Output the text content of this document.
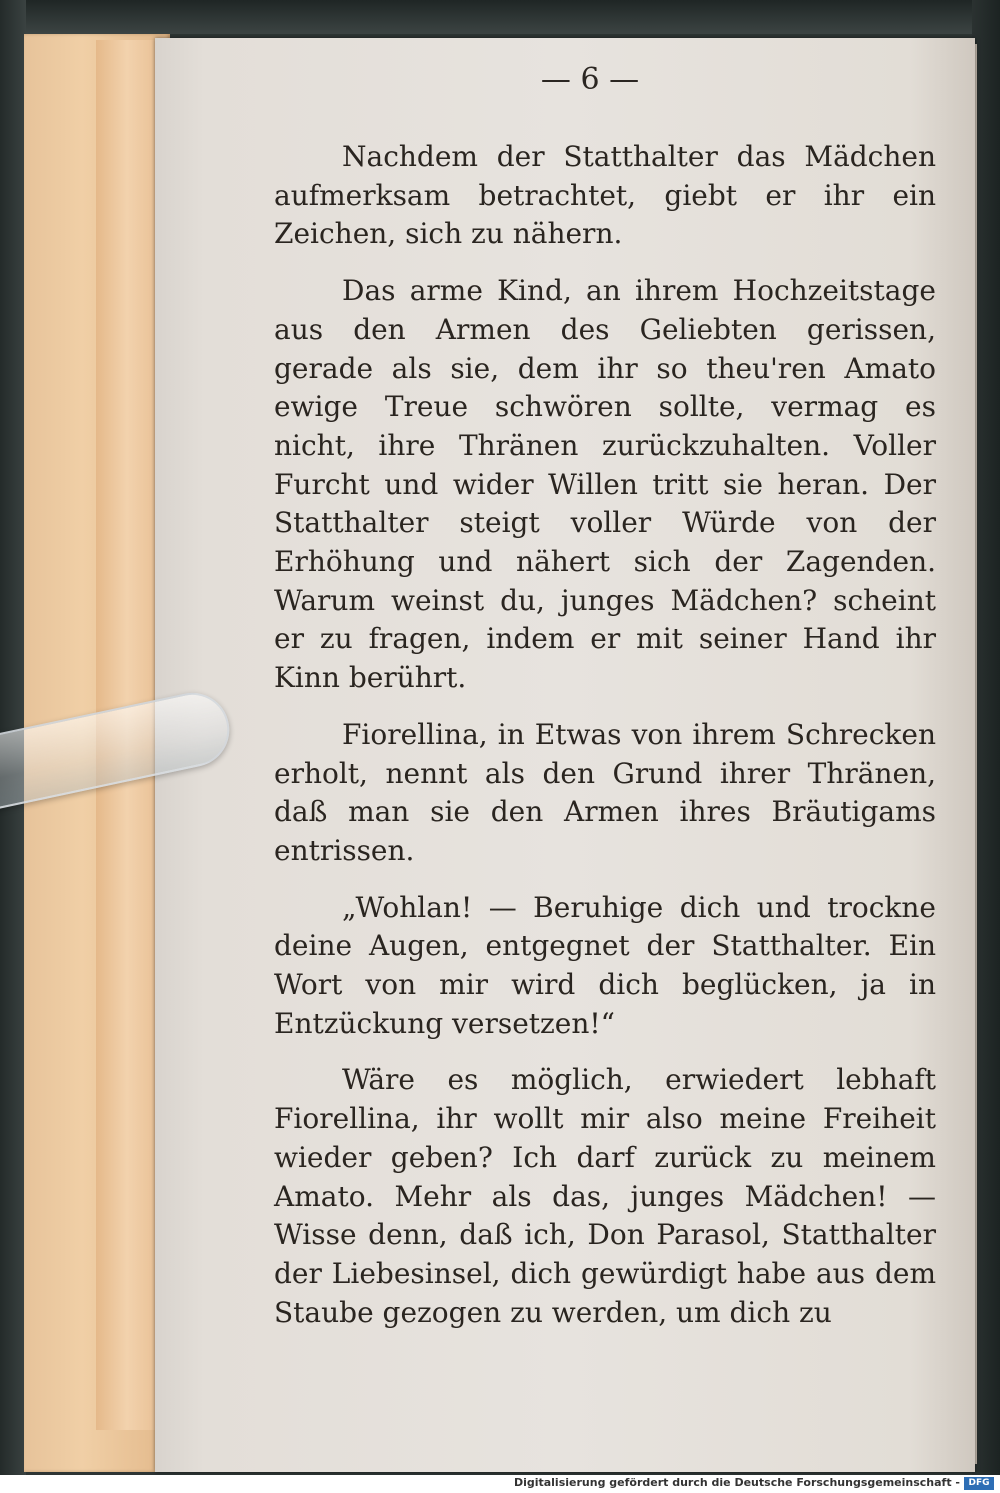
— 6 —

Nachdem der Statthalter das Mädchen aufmerksam betrachtet, giebt er ihr ein Zeichen, sich zu nähern.

Das arme Kind, an ihrem Hochzeitstage aus den Armen des Geliebten gerissen, gerade als sie, dem ihr so theu'ren Amato ewige Treue schwören sollte, vermag es nicht, ihre Thränen zurückzuhalten. Voller Furcht und wider Willen tritt sie heran. Der Statthalter steigt voller Würde von der Erhöhung und nähert sich der Zagenden. Warum weinst du, junges Mädchen? scheint er zu fragen, indem er mit seiner Hand ihr Kinn berührt.

Fiorellina, in Etwas von ihrem Schrecken erholt, nennt als den Grund ihrer Thränen, daß man sie den Armen ihres Bräutigams entrissen.

„Wohlan! — Beruhige dich und trockne deine Augen, entgegnet der Statthalter. Ein Wort von mir wird dich beglücken, ja in Entzückung versetzen!“

Wäre es möglich, erwiedert lebhaft Fiorellina, ihr wollt mir also meine Freiheit wieder geben? Ich darf zurück zu meinem Amato. Mehr als das, junges Mädchen! — Wisse denn, daß ich, Don Parasol, Statthalter der Liebesinsel, dich gewürdigt habe aus dem Staube gezogen zu werden, um dich zu

Digitalisierung gefördert durch die Deutsche Forschungsgemeinschaft - DFG
